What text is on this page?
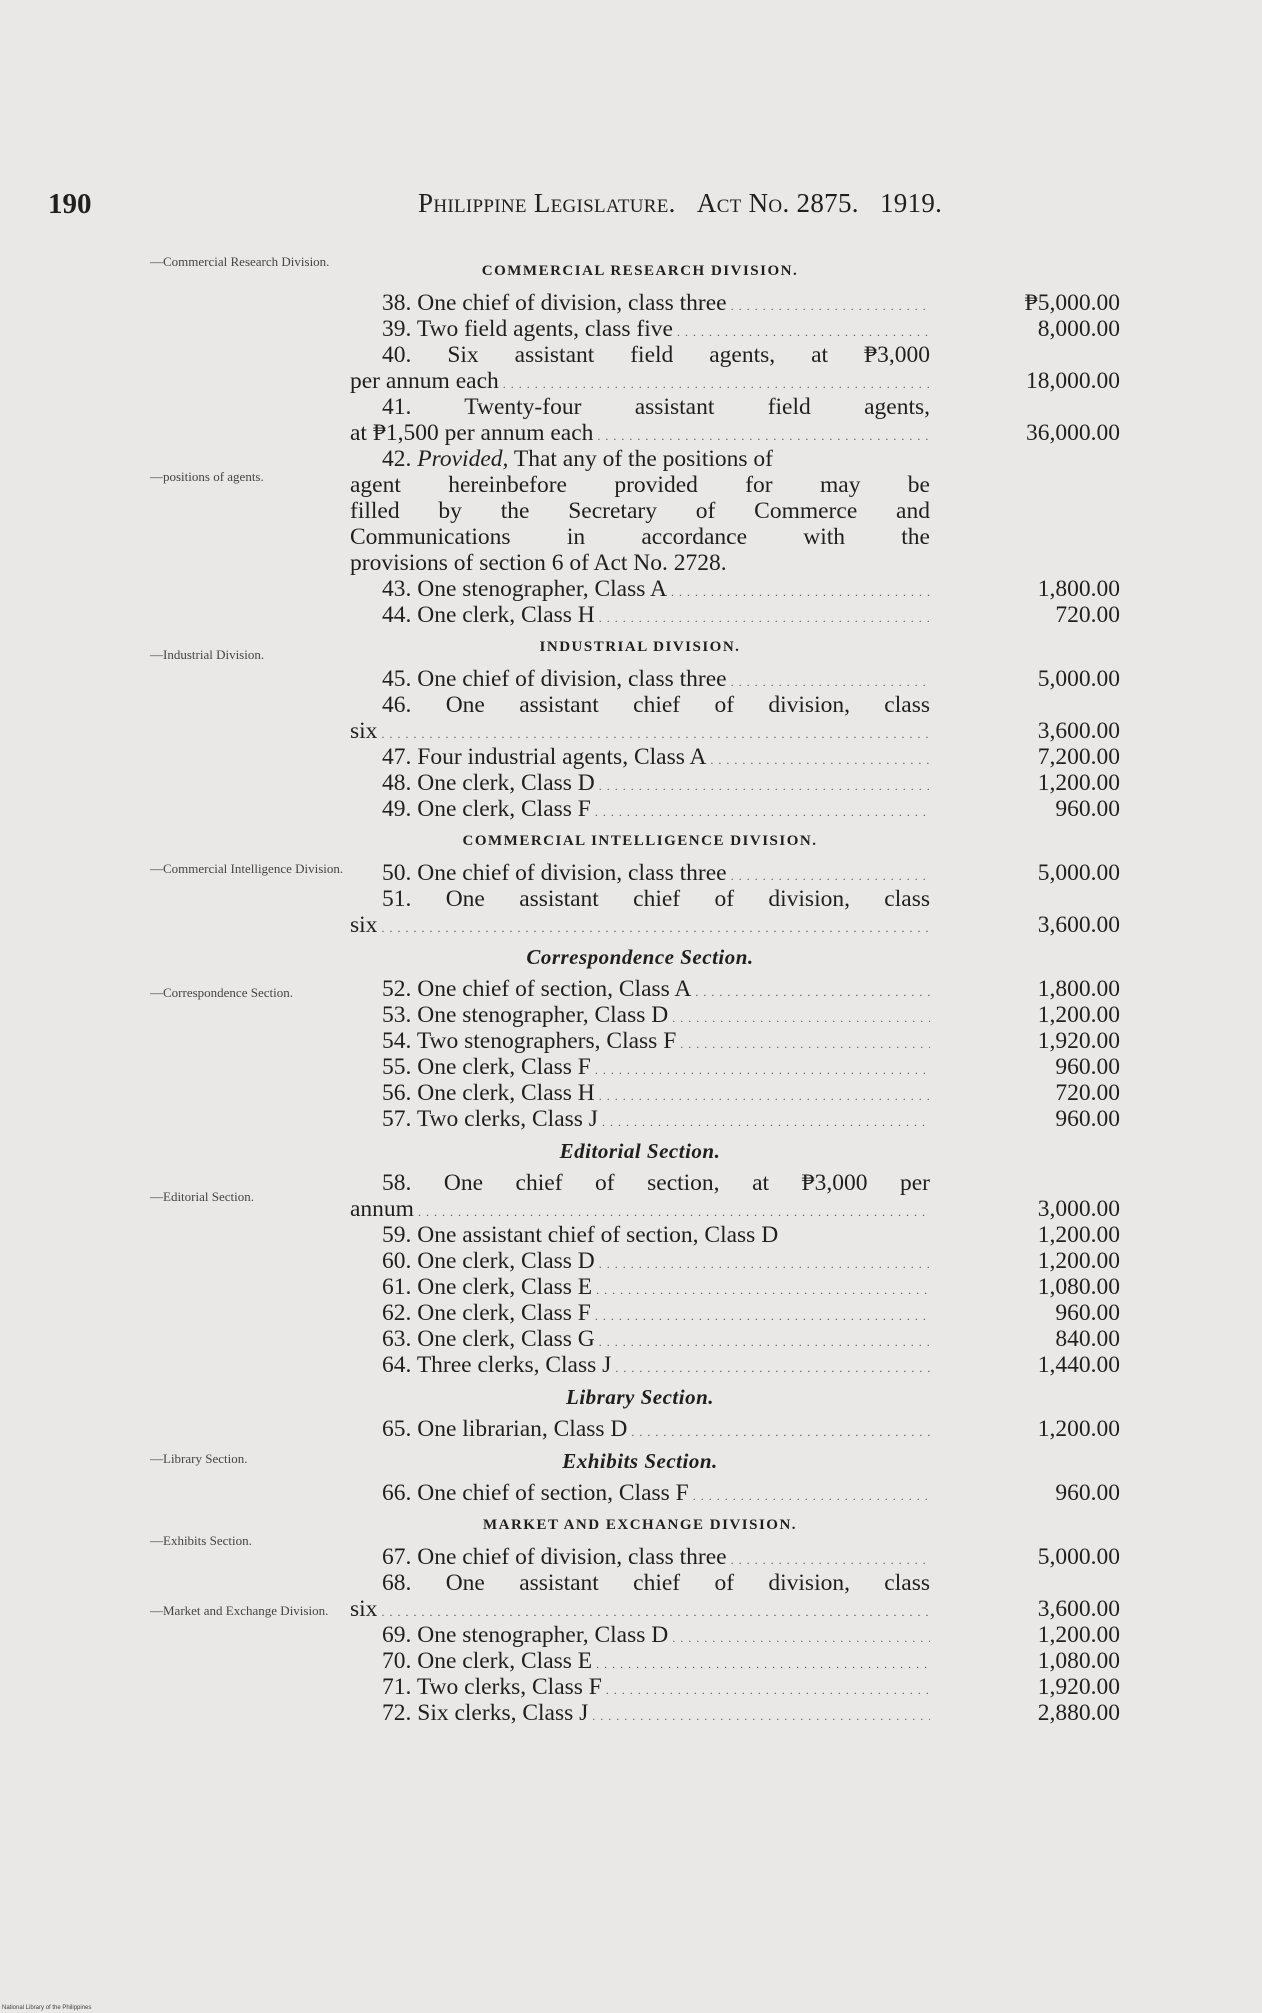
190	Philippine Legislature. Act No. 2875. 1919.
—Commercial Research Division.
—positions of agents.
—Industrial Division.
—Commercial Intelligence Division.
—Correspondence Section.
—Editorial Section.
—Library Section.
—Exhibits Section.
—Market and Exchange Division.
COMMERCIAL RESEARCH DIVISION.
38. One chief of division, class three . . .	₱5,000.00
39. Two field agents, class five . . .	8,000.00
40. Six assistant field agents, at ₱3,000
per annum each . . .	18,000.00
41. Twenty-four assistant field agents,
at ₱1,500 per annum each . . .	36,000.00
42. Provided, That any of the positions of
agent hereinbefore provided for may be
filled by the Secretary of Commerce and
Communications in accordance with the
provisions of section 6 of Act No. 2728.
43. One stenographer, Class A . . .	1,800.00
44. One clerk, Class H . . .	720.00
INDUSTRIAL DIVISION.
45. One chief of division, class three . . .	5,000.00
46. One assistant chief of division, class
six . . .	3,600.00
47. Four industrial agents, Class A . . .	7,200.00
48. One clerk, Class D . . .	1,200.00
49. One clerk, Class F . . .	960.00
COMMERCIAL INTELLIGENCE DIVISION.
50. One chief of division, class three . . .	5,000.00
51. One assistant chief of division, class
six . . .	3,600.00
Correspondence Section.
52. One chief of section, Class A . . .	1,800.00
53. One stenographer, Class D . . .	1,200.00
54. Two stenographers, Class F . . .	1,920.00
55. One clerk, Class F . . .	960.00
56. One clerk, Class H . . .	720.00
57. Two clerks, Class J . . .	960.00
Editorial Section.
58. One chief of section, at ₱3,000 per
annum . . .	3,000.00
59. One assistant chief of section, Class D	1,200.00
60. One clerk, Class D . . .	1,200.00
61. One clerk, Class E . . .	1,080.00
62. One clerk, Class F . . .	960.00
63. One clerk, Class G . . .	840.00
64. Three clerks, Class J . . .	1,440.00
Library Section.
65. One librarian, Class D . . .	1,200.00
Exhibits Section.
66. One chief of section, Class F . . .	960.00
MARKET AND EXCHANGE DIVISION.
67. One chief of division, class three . . .	5,000.00
68. One assistant chief of division, class
six . . .	3,600.00
69. One stenographer, Class D . . .	1,200.00
70. One clerk, Class E . . .	1,080.00
71. Two clerks, Class F . . .	1,920.00
72. Six clerks, Class J . . .	2,880.00
National Library of the Philippines
